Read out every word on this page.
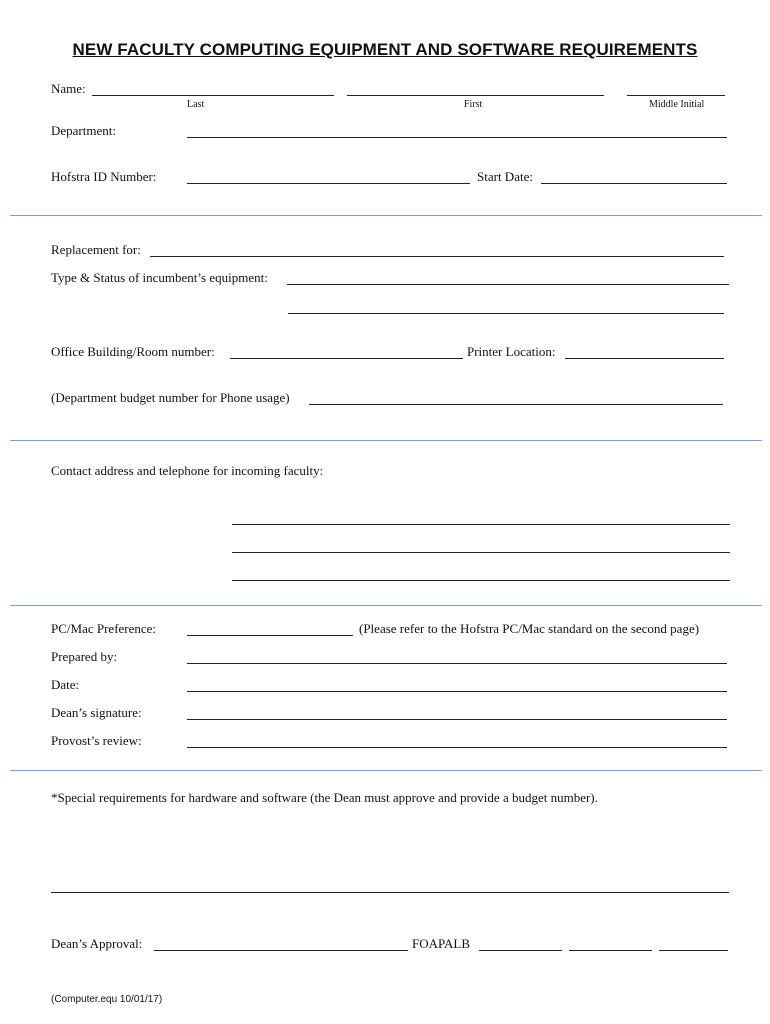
NEW FACULTY COMPUTING EQUIPMENT AND SOFTWARE REQUIREMENTS
Name:
Last	First	Middle Initial
Department:
Hofstra ID Number:	Start Date:
Replacement for:
Type & Status of incumbent’s equipment:
Office Building/Room number:	Printer Location:
(Department budget number for Phone usage)
Contact address and telephone for incoming faculty:
PC/Mac Preference:	(Please refer to the Hofstra PC/Mac standard on the second page)
Prepared by:
Date:
Dean’s signature:
Provost’s review:
*Special requirements for hardware and software (the Dean must approve and provide a budget number).
Dean’s Approval:	FOAPALB
(Computer.equ 10/01/17)
